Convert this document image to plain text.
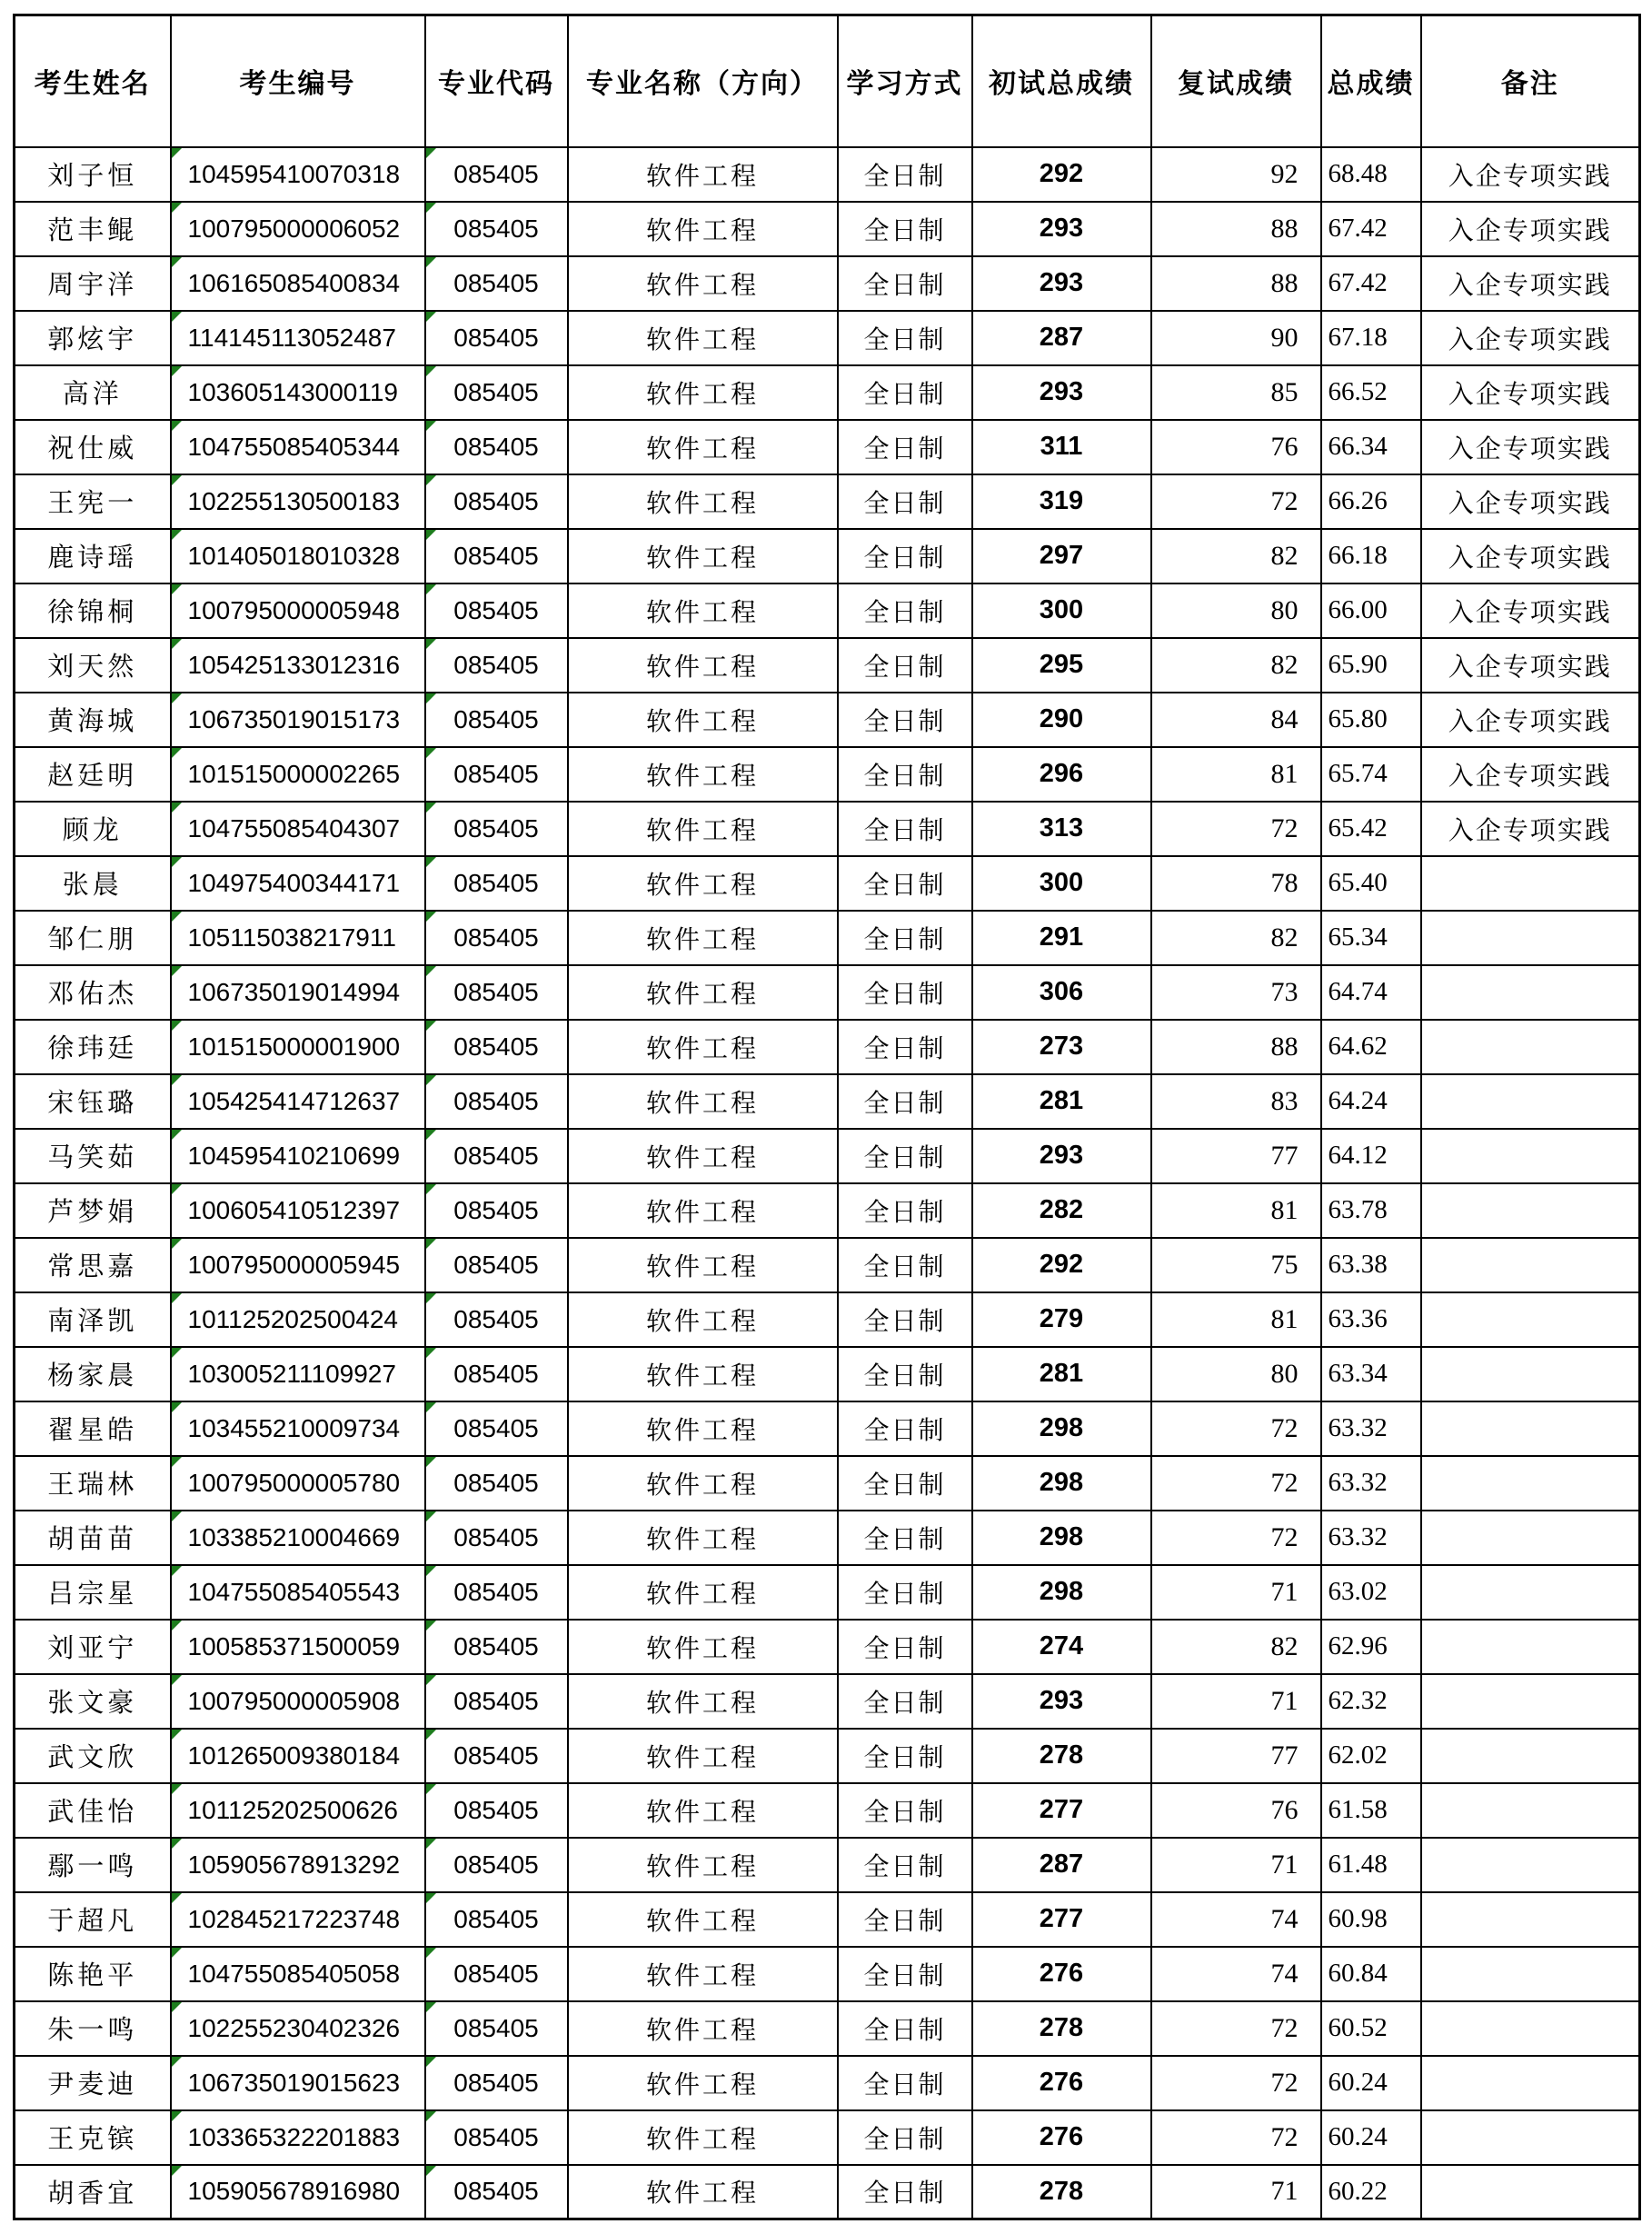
考生姓名	考生编号	专业代码	专业名称（方向）	学习方式	初试总成绩	复试成绩	总成绩	备注
刘子恒	104595410070318	085405	软件工程	全日制	292	92	68.48	入企专项实践
范丰鲲	100795000006052	085405	软件工程	全日制	293	88	67.42	入企专项实践
周宇洋	106165085400834	085405	软件工程	全日制	293	88	67.42	入企专项实践
郭炫宇	114145113052487	085405	软件工程	全日制	287	90	67.18	入企专项实践
高洋	103605143000119	085405	软件工程	全日制	293	85	66.52	入企专项实践
祝仕威	104755085405344	085405	软件工程	全日制	311	76	66.34	入企专项实践
王宪一	102255130500183	085405	软件工程	全日制	319	72	66.26	入企专项实践
鹿诗瑶	101405018010328	085405	软件工程	全日制	297	82	66.18	入企专项实践
徐锦桐	100795000005948	085405	软件工程	全日制	300	80	66.00	入企专项实践
刘天然	105425133012316	085405	软件工程	全日制	295	82	65.90	入企专项实践
黄海城	106735019015173	085405	软件工程	全日制	290	84	65.80	入企专项实践
赵廷明	101515000002265	085405	软件工程	全日制	296	81	65.74	入企专项实践
顾龙	104755085404307	085405	软件工程	全日制	313	72	65.42	入企专项实践
张晨	104975400344171	085405	软件工程	全日制	300	78	65.40	
邹仁朋	105115038217911	085405	软件工程	全日制	291	82	65.34	
邓佑杰	106735019014994	085405	软件工程	全日制	306	73	64.74	
徐玮廷	101515000001900	085405	软件工程	全日制	273	88	64.62	
宋钰璐	105425414712637	085405	软件工程	全日制	281	83	64.24	
马笑茹	104595410210699	085405	软件工程	全日制	293	77	64.12	
芦梦娟	100605410512397	085405	软件工程	全日制	282	81	63.78	
常思嘉	100795000005945	085405	软件工程	全日制	292	75	63.38	
南泽凯	101125202500424	085405	软件工程	全日制	279	81	63.36	
杨家晨	103005211109927	085405	软件工程	全日制	281	80	63.34	
翟星皓	103455210009734	085405	软件工程	全日制	298	72	63.32	
王瑞林	100795000005780	085405	软件工程	全日制	298	72	63.32	
胡苗苗	103385210004669	085405	软件工程	全日制	298	72	63.32	
吕宗星	104755085405543	085405	软件工程	全日制	298	71	63.02	
刘亚宁	100585371500059	085405	软件工程	全日制	274	82	62.96	
张文豪	100795000005908	085405	软件工程	全日制	293	71	62.32	
武文欣	101265009380184	085405	软件工程	全日制	278	77	62.02	
武佳怡	101125202500626	085405	软件工程	全日制	277	76	61.58	
鄢一鸣	105905678913292	085405	软件工程	全日制	287	71	61.48	
于超凡	102845217223748	085405	软件工程	全日制	277	74	60.98	
陈艳平	104755085405058	085405	软件工程	全日制	276	74	60.84	
朱一鸣	102255230402326	085405	软件工程	全日制	278	72	60.52	
尹麦迪	106735019015623	085405	软件工程	全日制	276	72	60.24	
王克镔	103365322201883	085405	软件工程	全日制	276	72	60.24	
胡香宜	105905678916980	085405	软件工程	全日制	278	71	60.22	
